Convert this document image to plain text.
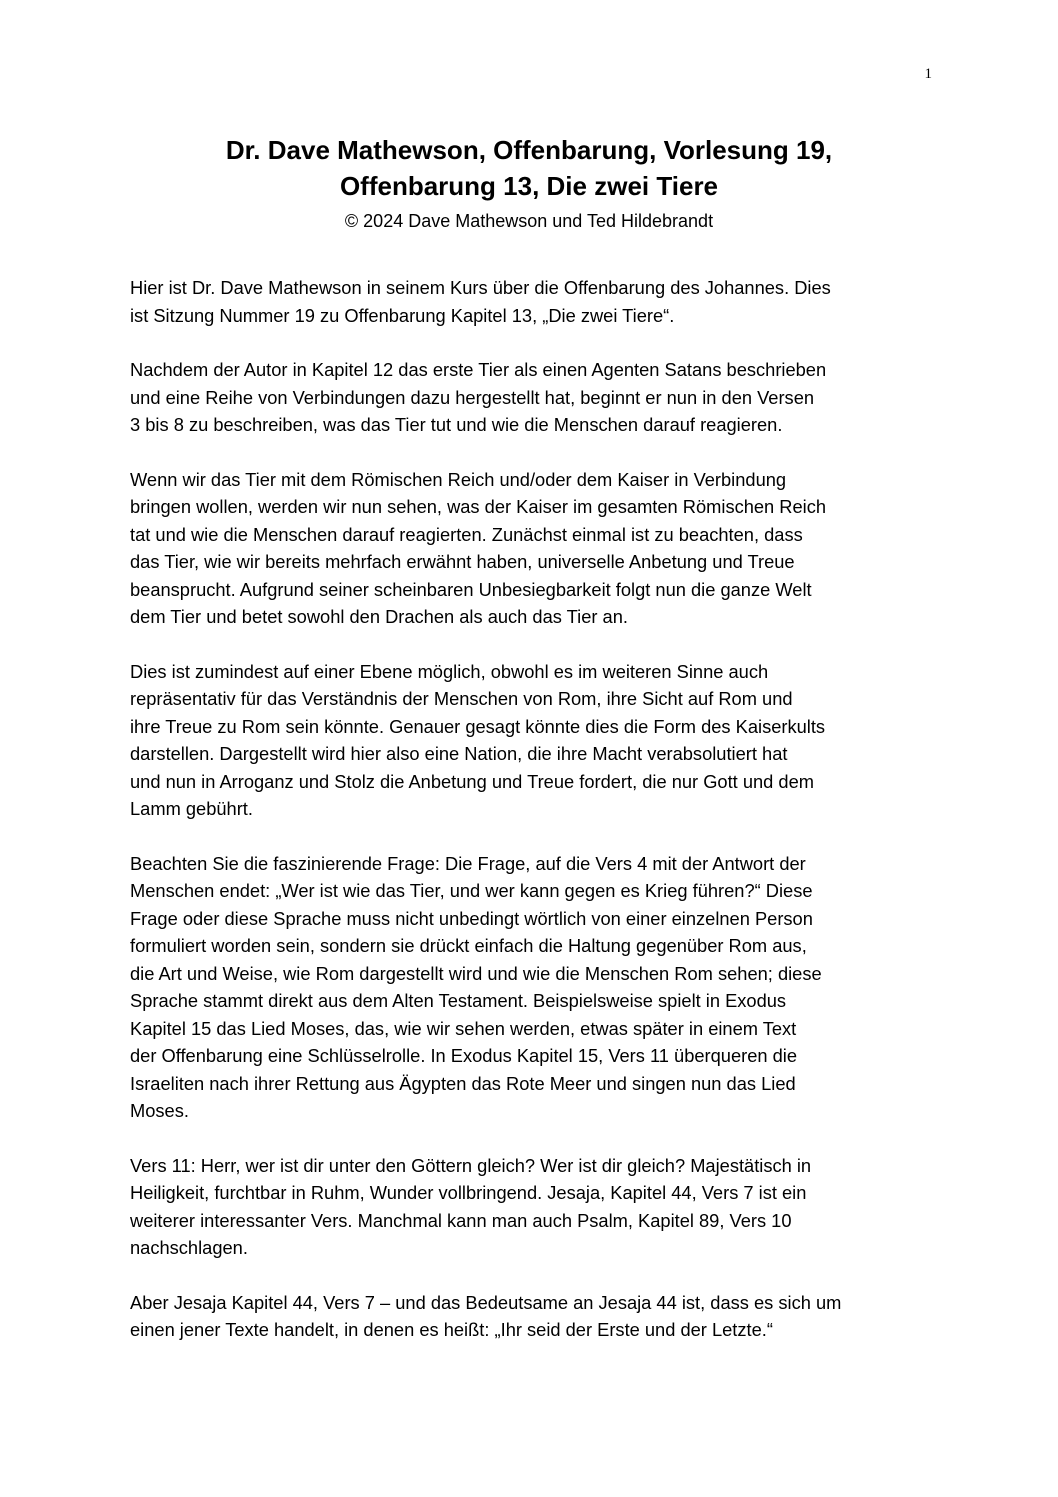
1
Dr. Dave Mathewson, Offenbarung, Vorlesung 19,
Offenbarung 13, Die zwei Tiere
© 2024 Dave Mathewson und Ted Hildebrandt

Hier ist Dr. Dave Mathewson in seinem Kurs über die Offenbarung des Johannes. Dies
ist Sitzung Nummer 19 zu Offenbarung Kapitel 13, „Die zwei Tiere“.

Nachdem der Autor in Kapitel 12 das erste Tier als einen Agenten Satans beschrieben
und eine Reihe von Verbindungen dazu hergestellt hat, beginnt er nun in den Versen
3 bis 8 zu beschreiben, was das Tier tut und wie die Menschen darauf reagieren.

Wenn wir das Tier mit dem Römischen Reich und/oder dem Kaiser in Verbindung
bringen wollen, werden wir nun sehen, was der Kaiser im gesamten Römischen Reich
tat und wie die Menschen darauf reagierten. Zunächst einmal ist zu beachten, dass
das Tier, wie wir bereits mehrfach erwähnt haben, universelle Anbetung und Treue
beansprucht. Aufgrund seiner scheinbaren Unbesiegbarkeit folgt nun die ganze Welt
dem Tier und betet sowohl den Drachen als auch das Tier an.

Dies ist zumindest auf einer Ebene möglich, obwohl es im weiteren Sinne auch
repräsentativ für das Verständnis der Menschen von Rom, ihre Sicht auf Rom und
ihre Treue zu Rom sein könnte. Genauer gesagt könnte dies die Form des Kaiserkults
darstellen. Dargestellt wird hier also eine Nation, die ihre Macht verabsolutiert hat
und nun in Arroganz und Stolz die Anbetung und Treue fordert, die nur Gott und dem
Lamm gebührt.

Beachten Sie die faszinierende Frage: Die Frage, auf die Vers 4 mit der Antwort der
Menschen endet: „Wer ist wie das Tier, und wer kann gegen es Krieg führen?“ Diese
Frage oder diese Sprache muss nicht unbedingt wörtlich von einer einzelnen Person
formuliert worden sein, sondern sie drückt einfach die Haltung gegenüber Rom aus,
die Art und Weise, wie Rom dargestellt wird und wie die Menschen Rom sehen; diese
Sprache stammt direkt aus dem Alten Testament. Beispielsweise spielt in Exodus
Kapitel 15 das Lied Moses, das, wie wir sehen werden, etwas später in einem Text
der Offenbarung eine Schlüsselrolle. In Exodus Kapitel 15, Vers 11 überqueren die
Israeliten nach ihrer Rettung aus Ägypten das Rote Meer und singen nun das Lied
Moses.

Vers 11: Herr, wer ist dir unter den Göttern gleich? Wer ist dir gleich? Majestätisch in
Heiligkeit, furchtbar in Ruhm, Wunder vollbringend. Jesaja, Kapitel 44, Vers 7 ist ein
weiterer interessanter Vers. Manchmal kann man auch Psalm, Kapitel 89, Vers 10
nachschlagen.

Aber Jesaja Kapitel 44, Vers 7 – und das Bedeutsame an Jesaja 44 ist, dass es sich um
einen jener Texte handelt, in denen es heißt: „Ihr seid der Erste und der Letzte.“
